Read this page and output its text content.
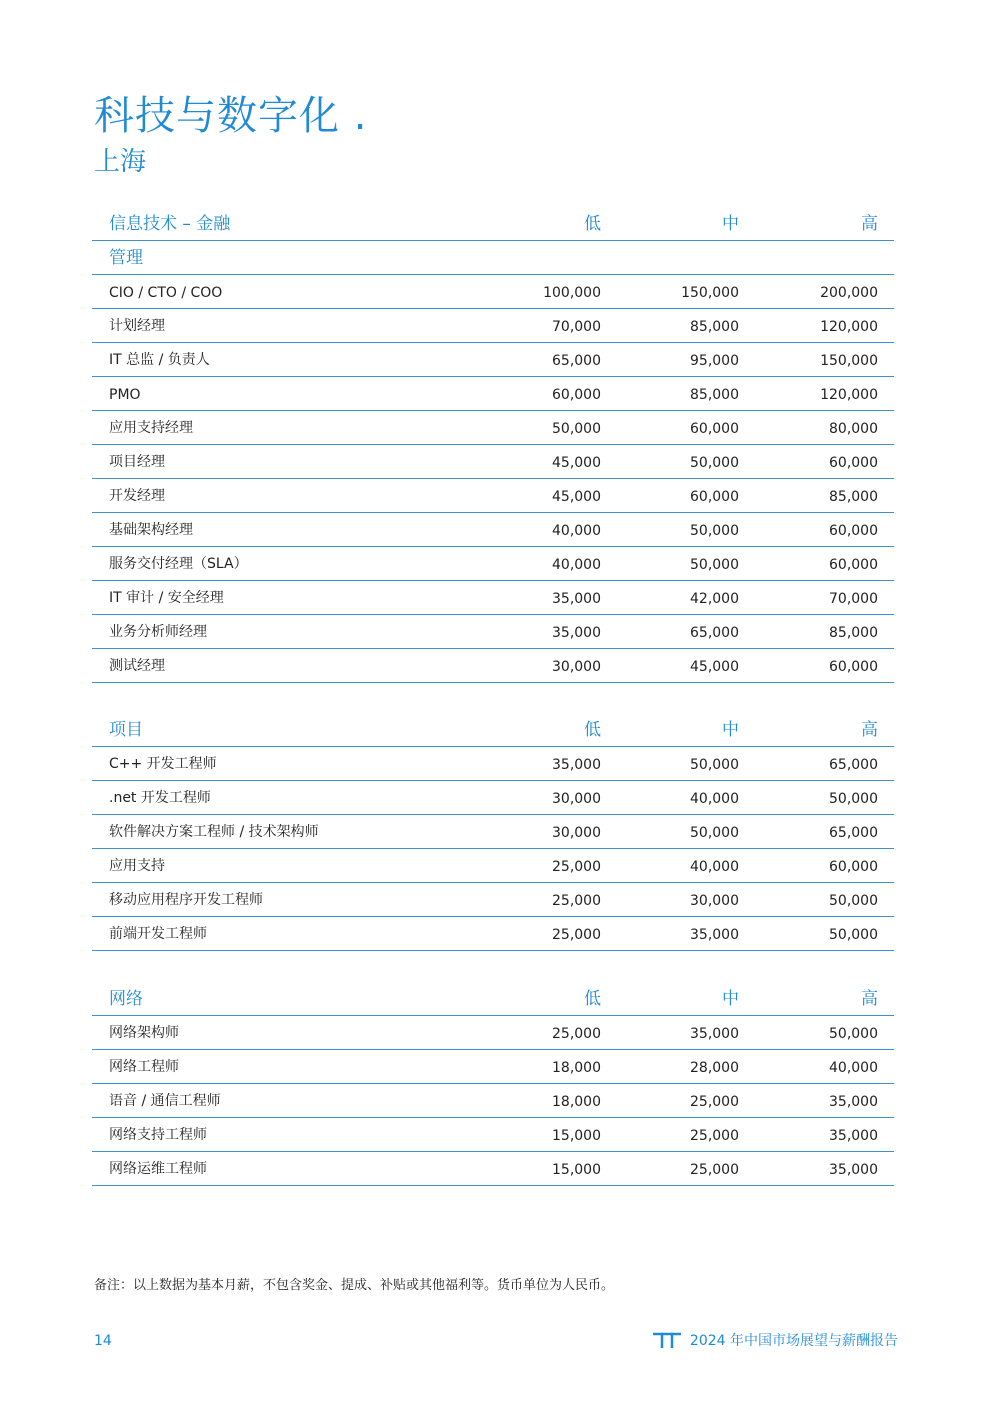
科技与数字化 .
上海
信息技术 – 金融	低	中	高
管理
CIO / CTO / COO	100,000	150,000	200,000
计划经理	70,000	85,000	120,000
IT 总监 / 负责人	65,000	95,000	150,000
PMO	60,000	85,000	120,000
应用支持经理	50,000	60,000	80,000
项目经理	45,000	50,000	60,000
开发经理	45,000	60,000	85,000
基础架构经理	40,000	50,000	60,000
服务交付经理（SLA）	40,000	50,000	60,000
IT 审计 / 安全经理	35,000	42,000	70,000
业务分析师经理	35,000	65,000	85,000
测试经理	30,000	45,000	60,000
项目	低	中	高
C++ 开发工程师	35,000	50,000	65,000
.net 开发工程师	30,000	40,000	50,000
软件解决方案工程师 / 技术架构师	30,000	50,000	65,000
应用支持	25,000	40,000	60,000
移动应用程序开发工程师	25,000	30,000	50,000
前端开发工程师	25,000	35,000	50,000
网络	低	中	高
网络架构师	25,000	35,000	50,000
网络工程师	18,000	28,000	40,000
语音 / 通信工程师	18,000	25,000	35,000
网络支持工程师	15,000	25,000	35,000
网络运维工程师	15,000	25,000	35,000
备注：以上数据为基本月薪，不包含奖金、提成、补贴或其他福利等。货币单位为人民币。
14	2024 年中国市场展望与薪酬报告
